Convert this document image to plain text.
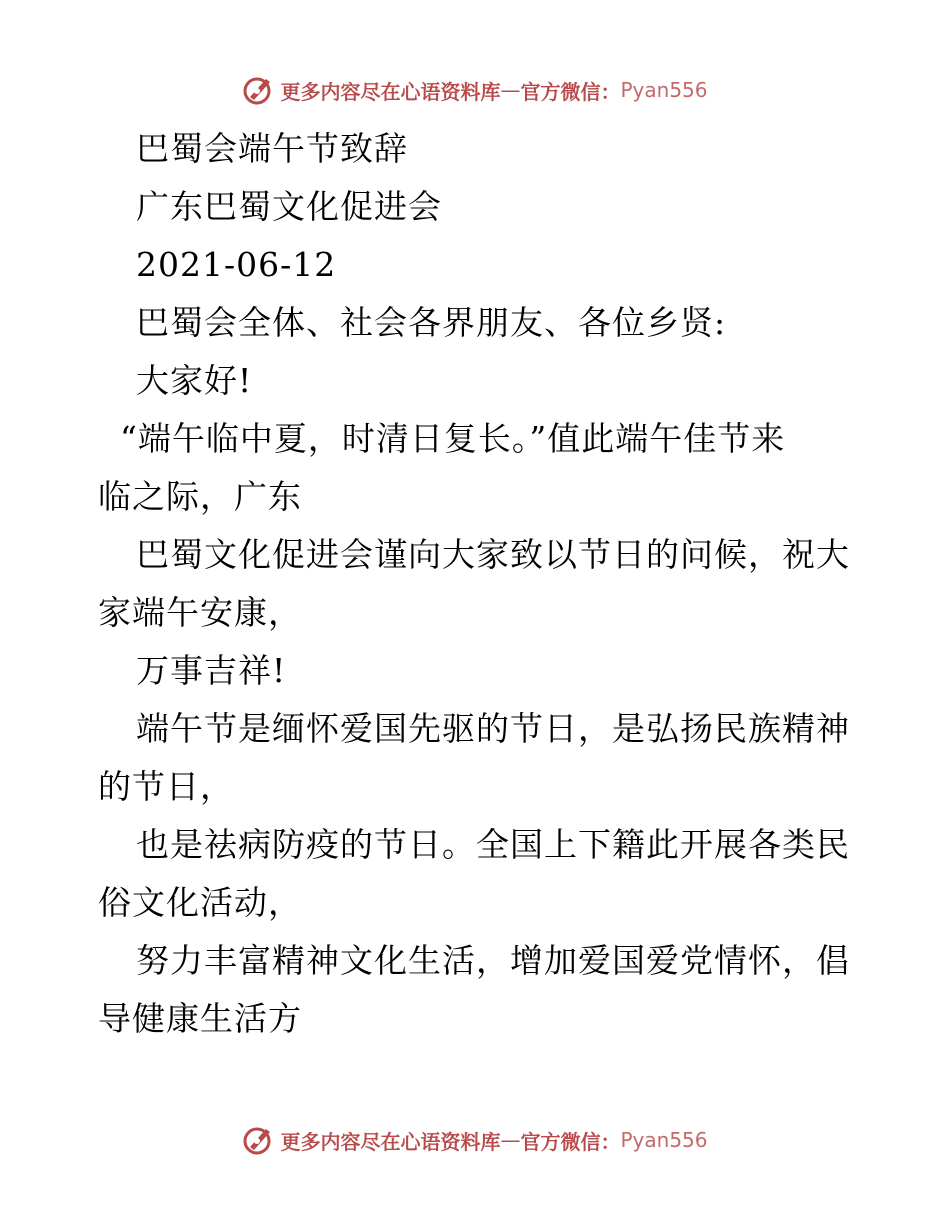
更多内容尽在心语资料库 — 官方微信： Pyan556
巴蜀会端午节致辞
广东巴蜀文化促进会
2021-06-12
巴蜀会全体、社会各界朋友、各位乡贤:
大家好!
“端午临中夏，时清日复长。”值此端午佳节来
临之际，广东
巴蜀文化促进会谨向大家致以节日的问候，祝大
家端午安康，
万事吉祥!
端午节是缅怀爱国先驱的节日，是弘扬民族精神
的节日，
也是祛病防疫的节日。全国上下籍此开展各类民
俗文化活动，
努力丰富精神文化生活，增加爱国爱党情怀，倡
导健康生活方
更多内容尽在心语资料库 — 官方微信： Pyan556
